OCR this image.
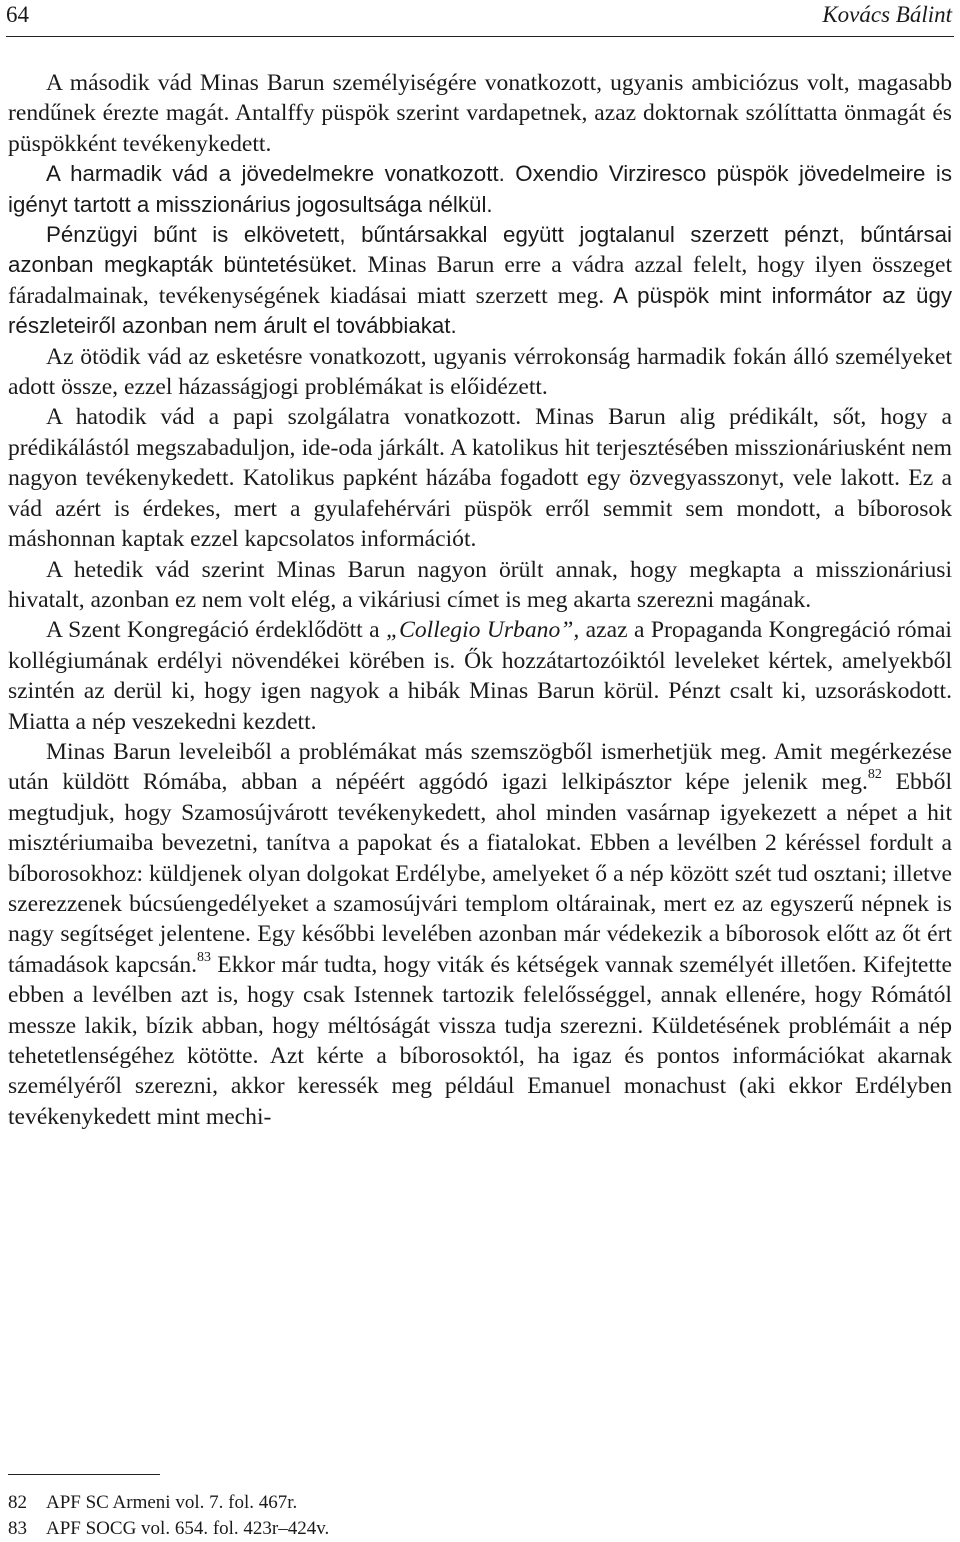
64	Kovács Bálint

A második vád Minas Barun személyiségére vonatkozott, ugyanis ambiciózus volt, magasabb rendűnek érezte magát. Antalffy püspök szerint vardapetnek, azaz doktornak szólíttatta önmagát és püspökként tevékenykedett.

A harmadik vád a jövedelmekre vonatkozott. Oxendio Virziresco püspök jövedelmeire is igényt tartott a misszionárius jogosultsága nélkül.

Pénzügyi bűnt is elkövetett, bűntársakkal együtt jogtalanul szerzett pénzt, bűntársai azonban megkapták büntetésüket. Minas Barun erre a vádra azzal felelt, hogy ilyen összeget fáradalmainak, tevékenységének kiadásai miatt szerzett meg. A püspök mint informátor az ügy részleteiről azonban nem árult el továbbiakat.

Az ötödik vád az esketésre vonatkozott, ugyanis vérrokonság harmadik fokán álló személyeket adott össze, ezzel házasságjogi problémákat is előidézett.

A hatodik vád a papi szolgálatra vonatkozott. Minas Barun alig prédikált, sőt, hogy a prédikálástól megszabaduljon, ide-oda járkált. A katolikus hit terjesztésében misszionáriusként nem nagyon tevékenykedett. Katolikus papként házába fogadott egy özvegyasszonyt, vele lakott. Ez a vád azért is érdekes, mert a gyulafehérvári püspök erről semmit sem mondott, a bíborosok máshonnan kaptak ezzel kapcsolatos információt.

A hetedik vád szerint Minas Barun nagyon örült annak, hogy megkapta a misszionáriusi hivatalt, azonban ez nem volt elég, a vikáriusi címet is meg akarta szerezni magának.

A Szent Kongregáció érdeklődött a „Collegio Urbano”, azaz a Propaganda Kongregáció római kollégiumának erdélyi növendékei körében is. Ők hozzátartozóiktól leveleket kértek, amelyekből szintén az derül ki, hogy igen nagyok a hibák Minas Barun körül. Pénzt csalt ki, uzsoráskodott. Miatta a nép veszekedni kezdett.

Minas Barun leveleiből a problémákat más szemszögből ismerhetjük meg. Amit megérkezése után küldött Rómába, abban a népéért aggódó igazi lelkipásztor képe jelenik meg.$^{82}$ Ebből megtudjuk, hogy Szamosújvárott tevékenykedett, ahol minden vasárnap igyekezett a népet a hit misztériumaiba bevezetni, tanítva a papokat és a fiatalokat. Ebben a levélben 2 kéréssel fordult a bíborosokhoz: küldjenek olyan dolgokat Erdélybe, amelyeket ő a nép között szét tud osztani; illetve szerezzenek búcsúengedélyeket a szamosújvári templom oltárainak, mert ez az egyszerű népnek is nagy segítséget jelentene. Egy későbbi levelében azonban már védekezik a bíborosok előtt az őt ért támadások kapcsán.$^{83}$ Ekkor már tudta, hogy viták és kétségek vannak személyét illetően. Kifejtette ebben a levélben azt is, hogy csak Istennek tartozik felelősséggel, annak ellenére, hogy Rómától messze lakik, bízik abban, hogy méltóságát vissza tudja szerezni. Küldetésének problémáit a nép tehetetlenségéhez kötötte. Azt kérte a bíborosoktól, ha igaz és pontos információkat akarnak személyéről szerezni, akkor keressék meg például Emanuel monachust (aki ekkor Erdélyben tevékenykedett mint mechi-

82 APF SC Armeni vol. 7. fol. 467r.
83 APF SOCG vol. 654. fol. 423r–424v.
